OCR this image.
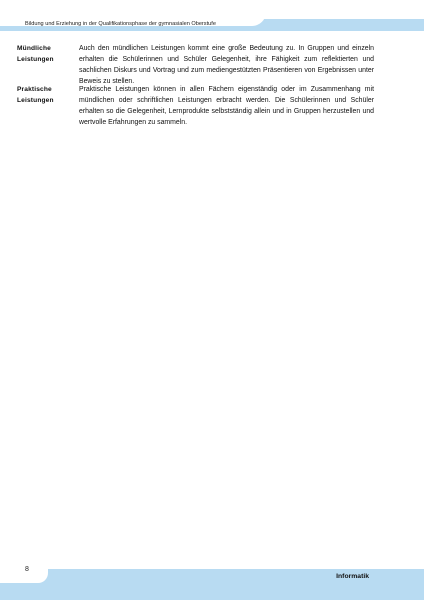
Bildung und Erziehung in der Qualifikationsphase der gymnasialen Oberstufe
Mündliche
Leistungen

Auch den mündlichen Leistungen kommt eine große Bedeutung zu. In Gruppen und einzeln erhalten die Schülerinnen und Schüler Gelegenheit, ihre Fähigkeit zum reflektierten und sachlichen Diskurs und Vortrag und zum mediengestützten Präsentieren von Ergebnissen unter Beweis zu stellen.

Praktische
Leistungen

Praktische Leistungen können in allen Fächern eigenständig oder im Zusammenhang mit mündlichen oder schriftlichen Leistungen erbracht werden. Die Schülerinnen und Schüler erhalten so die Gelegenheit, Lernprodukte selbstständig allein und in Gruppen herzustellen und wertvolle Erfahrungen zu sammeln.

8
Informatik
